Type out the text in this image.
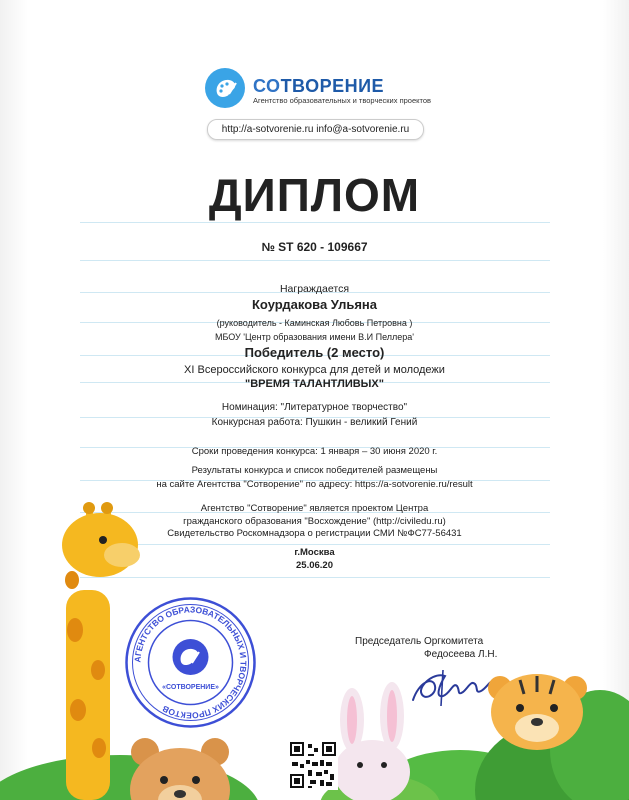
СОТВОРЕНИЕ
Агентство образовательных и творческих проектов
http://a-sotvorenie.ru info@a-sotvorenie.ru
ДИПЛОМ
№ ST 620 - 109667
Награждается
Коурдакова Ульяна
(руководитель - Каминская Любовь Петровна )
МБОУ 'Центр образования имени В.И Пеллера'
Победитель (2 место)
XI Всероссийского конкурса для детей и молодежи
"ВРЕМЯ ТАЛАНТЛИВЫХ"
Номинация: "Литературное творчество"
Конкурсная работа: Пушкин - великий Гений
Сроки проведения конкурса: 1 января – 30 июня 2020 г.
Результаты конкурса и список победителей размещены
на сайте Агентства "Сотворение" по адресу: https://a-sotvorenie.ru/result
Агентство "Сотворение" является проектом Центра
гражданского образования "Восхождение" (http://civiledu.ru)
Свидетельство Роскомнадзора о регистрации СМИ №ФС77-56431
г.Москва
25.06.20
Председатель Оргкомитета
Федосеева Л.Н.
АГЕНТСТВО ОБРАЗОВАТЕЛЬНЫХ И ТВОРЧЕСКИХ ПРОЕКТОВ
«СОТВОРЕНИЕ»
